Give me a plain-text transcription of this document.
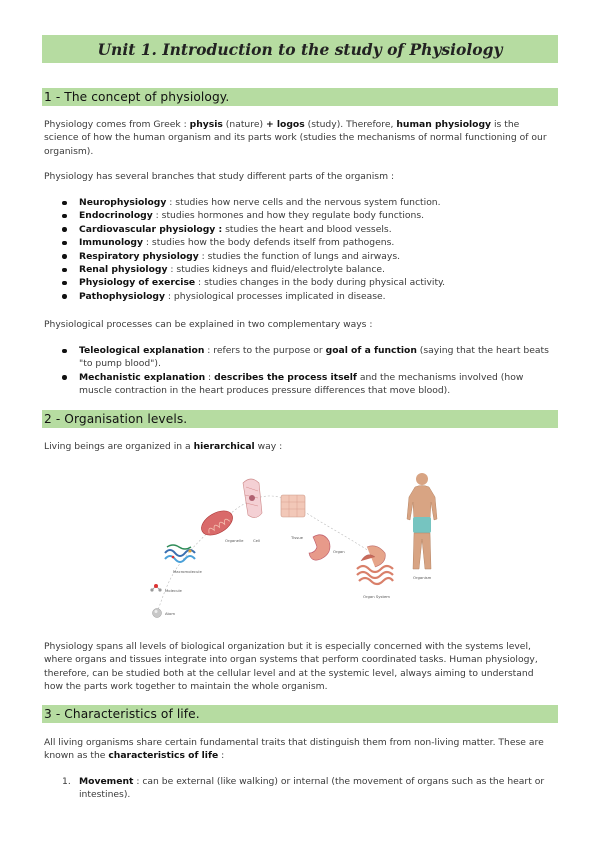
Unit 1. Introduction to the study of Physiology
1 - The concept of physiology.

Physiology comes from Greek : physis (nature) + logos (study). Therefore, human physiology is the science of how the human organism and its parts work (studies the mechanisms of normal functioning of our organism).

Physiology has several branches that study different parts of the organism :

Neurophysiology : studies how nerve cells and the nervous system function.
Endocrinology : studies hormones and how they regulate body functions.
Cardiovascular physiology : studies the heart and blood vessels.
Immunology : studies how the body defends itself from pathogens.
Respiratory physiology : studies the function of lungs and airways.
Renal physiology : studies kidneys and fluid/electrolyte balance.
Physiology of exercise : studies changes in the body during physical activity.
Pathophysiology : physiological processes implicated in disease.

Physiological processes can be explained in two complementary ways :

Teleological explanation : refers to the purpose or goal of a function (saying that the heart beats "to pump blood").
Mechanistic explanation : describes the process itself and the mechanisms involved (how muscle contraction in the heart produces pressure differences that move blood).
2 - Organisation levels.

Living beings are organized in a hierarchical way :

Atom
Molecule
Macromolecule
Organelle	Cell
Tissue
Organ
Organ System
Organism

Physiology spans all levels of biological organization but it is especially concerned with the systems level, where organs and tissues integrate into organ systems that perform coordinated tasks. Human physiology, therefore, can be studied both at the cellular level and at the systemic level, always aiming to understand how the parts work together to maintain the whole organism.

3 - Characteristics of life.

All living organisms share certain fundamental traits that distinguish them from non-living matter. These are known as the characteristics of life :

1. Movement : can be external (like walking) or internal (the movement of organs such as the heart or intestines).
